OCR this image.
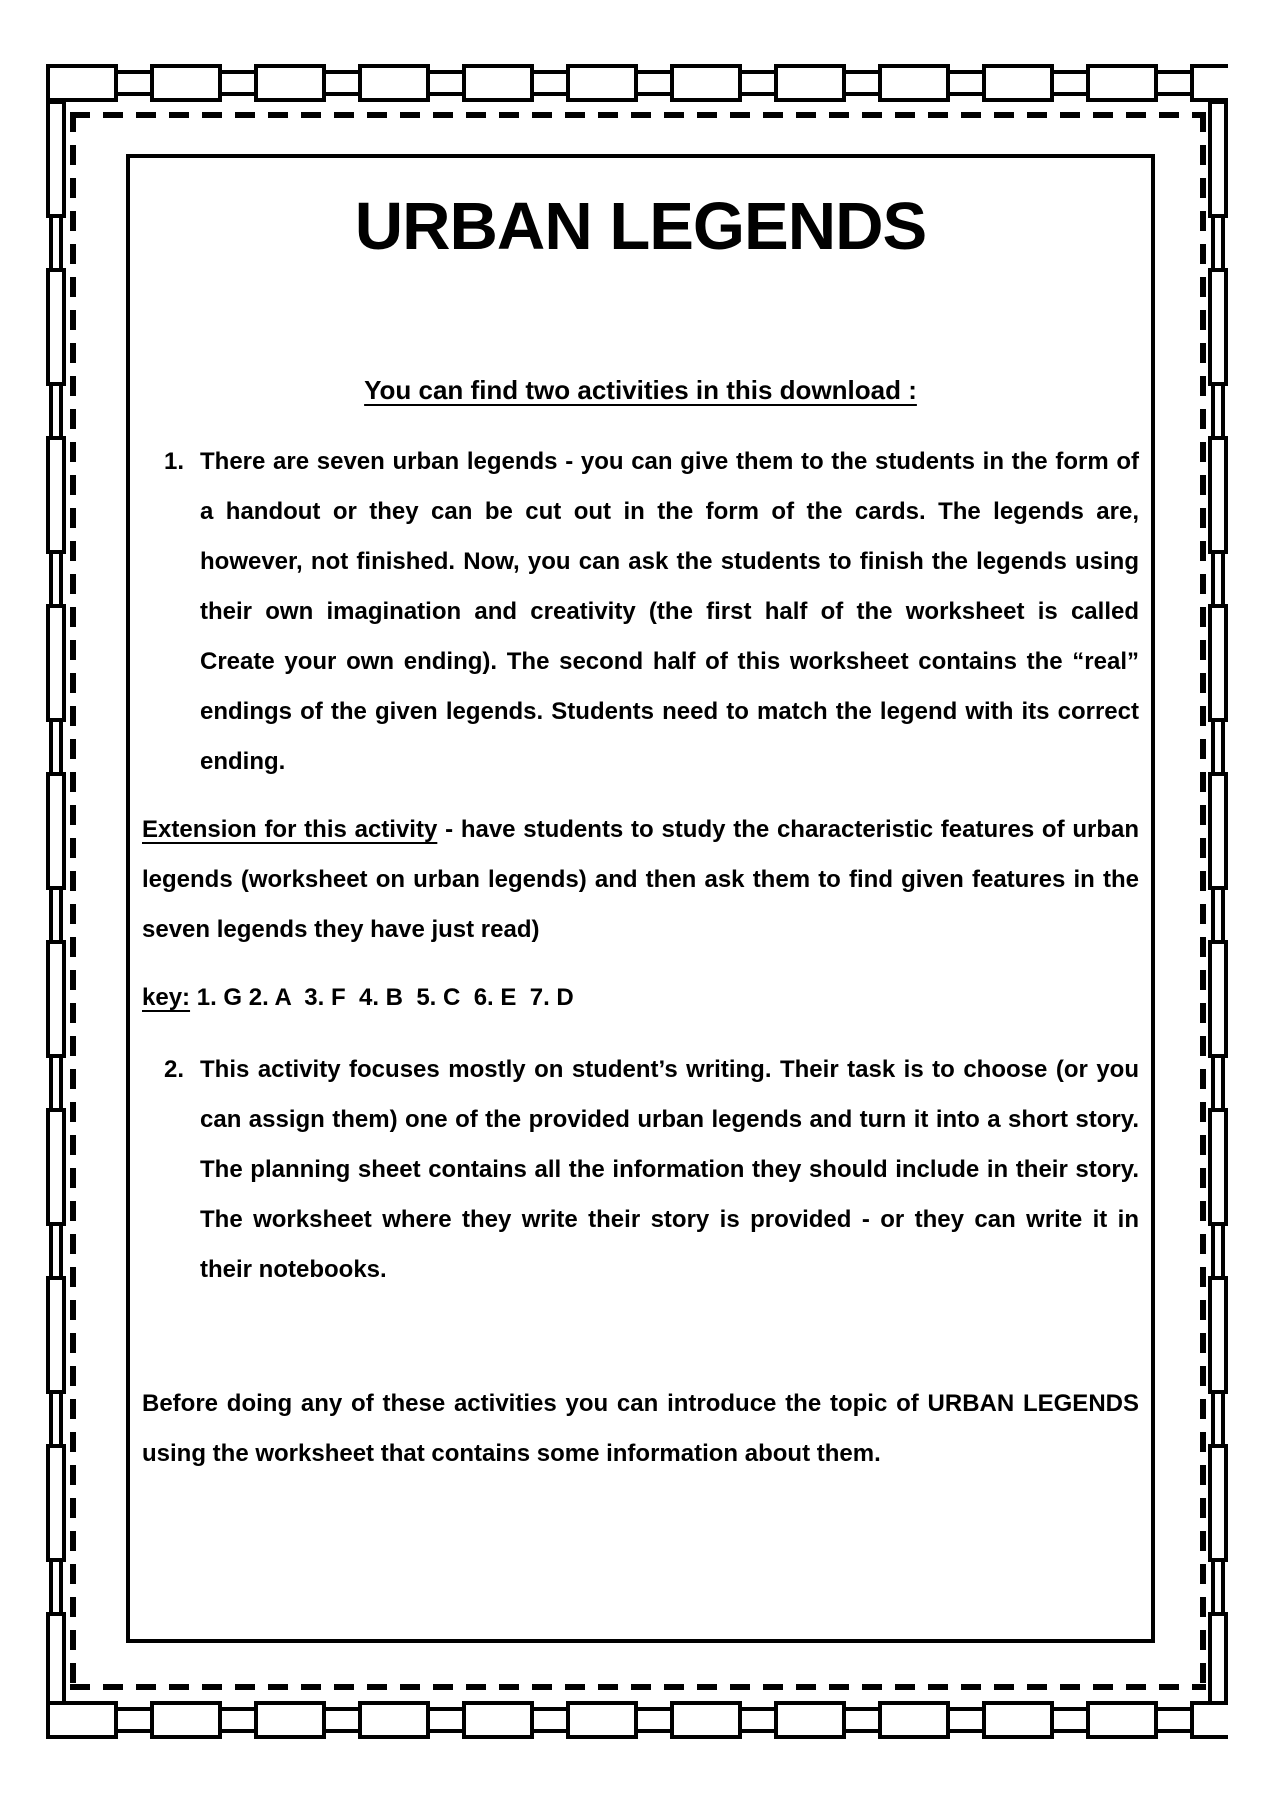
URBAN LEGENDS
You can find two activities in this download :
1. There are seven urban legends - you can give them to the students in the form of a handout or they can be cut out in the form of the cards. The legends are, however, not finished. Now, you can ask the students to finish the legends using their own imagination and creativity (the first half of the worksheet is called Create your own ending). The second half of this worksheet contains the “real” endings of the given legends. Students need to match the legend with its correct ending.
Extension for this activity - have students to study the characteristic features of urban legends (worksheet on urban legends) and then ask them to find given features in the seven legends they have just read)
key: 1. G 2. A  3. F  4. B  5. C  6. E  7. D
2. This activity focuses mostly on student’s writing. Their task is to choose (or you can assign them) one of the provided urban legends and turn it into a short story. The planning sheet contains all the information they should include in their story. The worksheet where they write their story is provided - or they can write it in their notebooks.
Before doing any of these activities you can introduce the topic of URBAN LEGENDS using the worksheet that contains some information about them.
